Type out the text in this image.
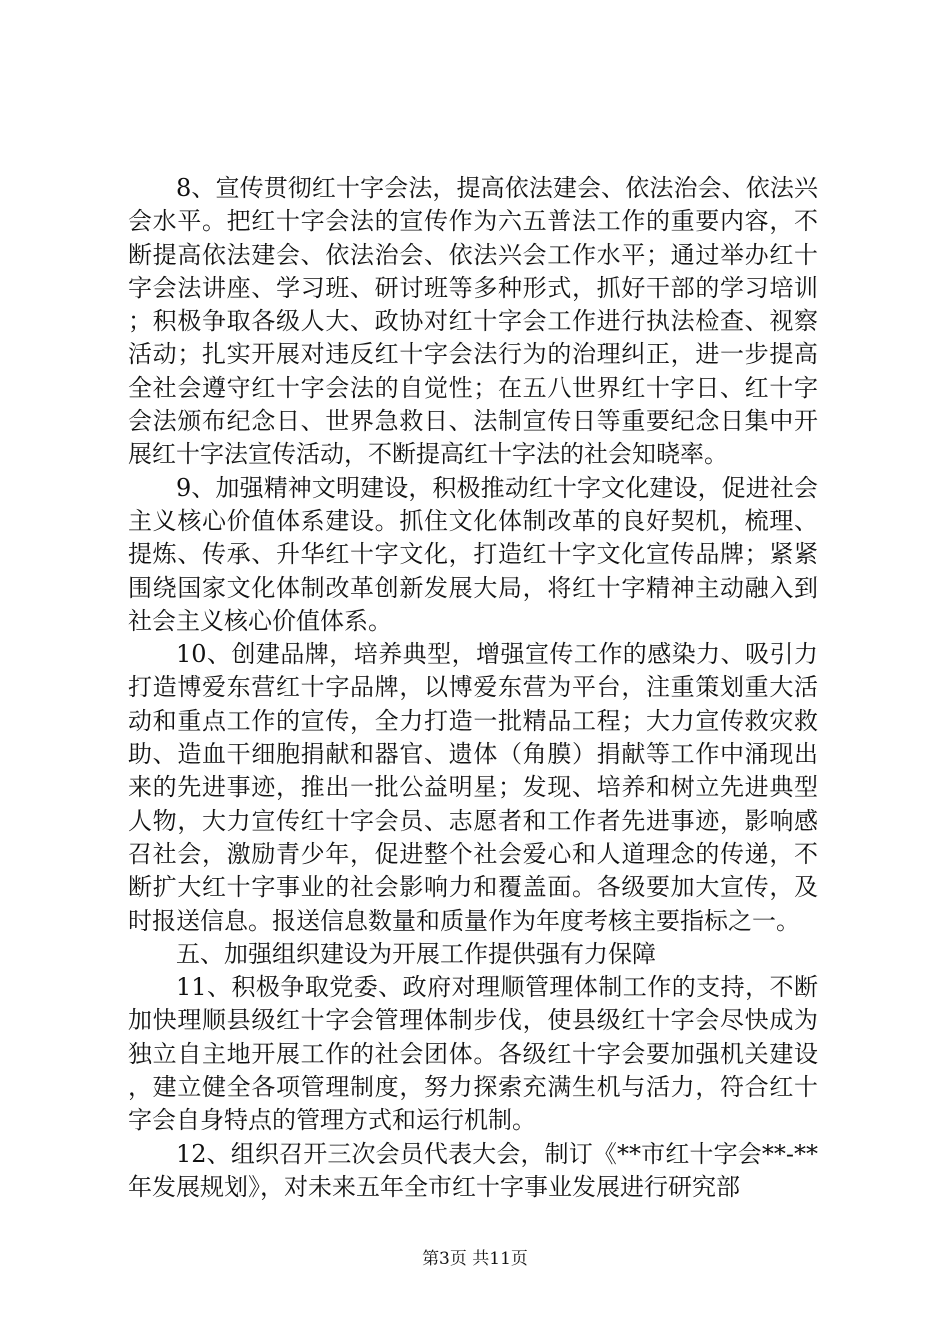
8、宣传贯彻红十字会法，提高依法建会、依法治会、依法兴会水平。把红十字会法的宣传作为六五普法工作的重要内容，不断提高依法建会、依法治会、依法兴会工作水平；通过举办红十字会法讲座、学习班、研讨班等多种形式，抓好干部的学习培训；积极争取各级人大、政协对红十字会工作进行执法检查、视察活动；扎实开展对违反红十字会法行为的治理纠正，进一步提高全社会遵守红十字会法的自觉性；在五八世界红十字日、红十字会法颁布纪念日、世界急救日、法制宣传日等重要纪念日集中开展红十字法宣传活动，不断提高红十字法的社会知晓率。

9、加强精神文明建设，积极推动红十字文化建设，促进社会主义核心价值体系建设。抓住文化体制改革的良好契机，梳理、提炼、传承、升华红十字文化，打造红十字文化宣传品牌；紧紧围绕国家文化体制改革创新发展大局，将红十字精神主动融入到社会主义核心价值体系。

10、创建品牌，培养典型，增强宣传工作的感染力、吸引力打造博爱东营红十字品牌，以博爱东营为平台，注重策划重大活动和重点工作的宣传，全力打造一批精品工程；大力宣传救灾救助、造血干细胞捐献和器官、遗体（角膜）捐献等工作中涌现出来的先进事迹，推出一批公益明星；发现、培养和树立先进典型人物，大力宣传红十字会员、志愿者和工作者先进事迹，影响感召社会，激励青少年，促进整个社会爱心和人道理念的传递，不断扩大红十字事业的社会影响力和覆盖面。各级要加大宣传，及时报送信息。报送信息数量和质量作为年度考核主要指标之一。

五、加强组织建设为开展工作提供强有力保障

11、积极争取党委、政府对理顺管理体制工作的支持，不断加快理顺县级红十字会管理体制步伐，使县级红十字会尽快成为独立自主地开展工作的社会团体。各级红十字会要加强机关建设，建立健全各项管理制度，努力探索充满生机与活力，符合红十字会自身特点的管理方式和运行机制。

12、组织召开三次会员代表大会，制订《**市红十字会**-**年发展规划》，对未来五年全市红十字事业发展进行研究部

第3页 共11页
